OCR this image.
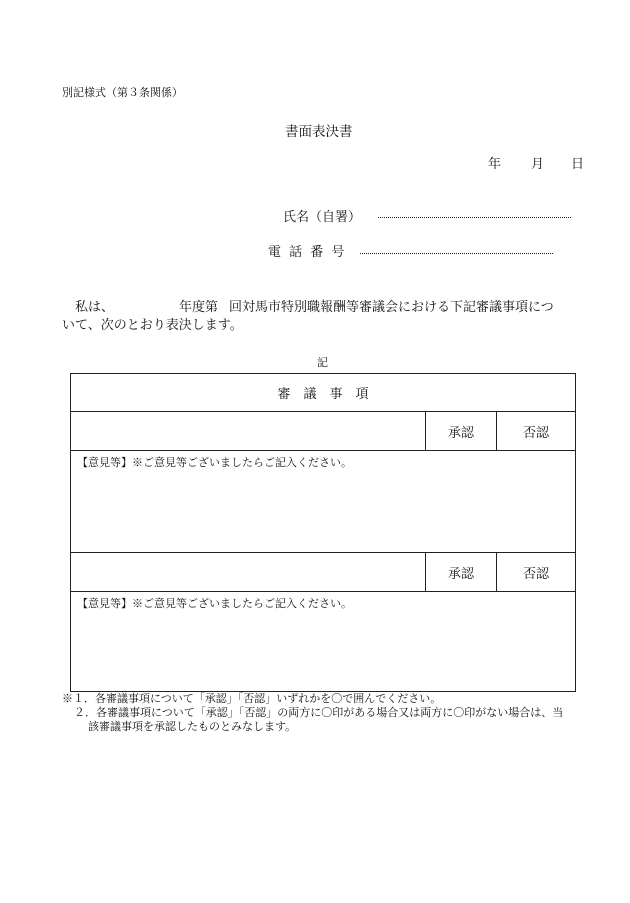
別記様式（第３条関係）
書面表決書
年 月 日
氏名（自署）
電 話 番 号

私は、	年度第 回対馬市特別職報酬等審議会における下記審議事項につ

いて、次のとおり表決します。

記
審　議　事　項		
	承認	否認
【意見等】※ご意見等ございましたらご記入ください。		
	承認	否認
【意見等】※ご意見等ございましたらご記入ください。		
※１．各審議事項について「承認」「否認」いずれかを〇で囲んでください。
２．各審議事項について「承認」「否認」の両方に〇印がある場合又は両方に〇印がない場合は、当
該審議事項を承認したものとみなします。
